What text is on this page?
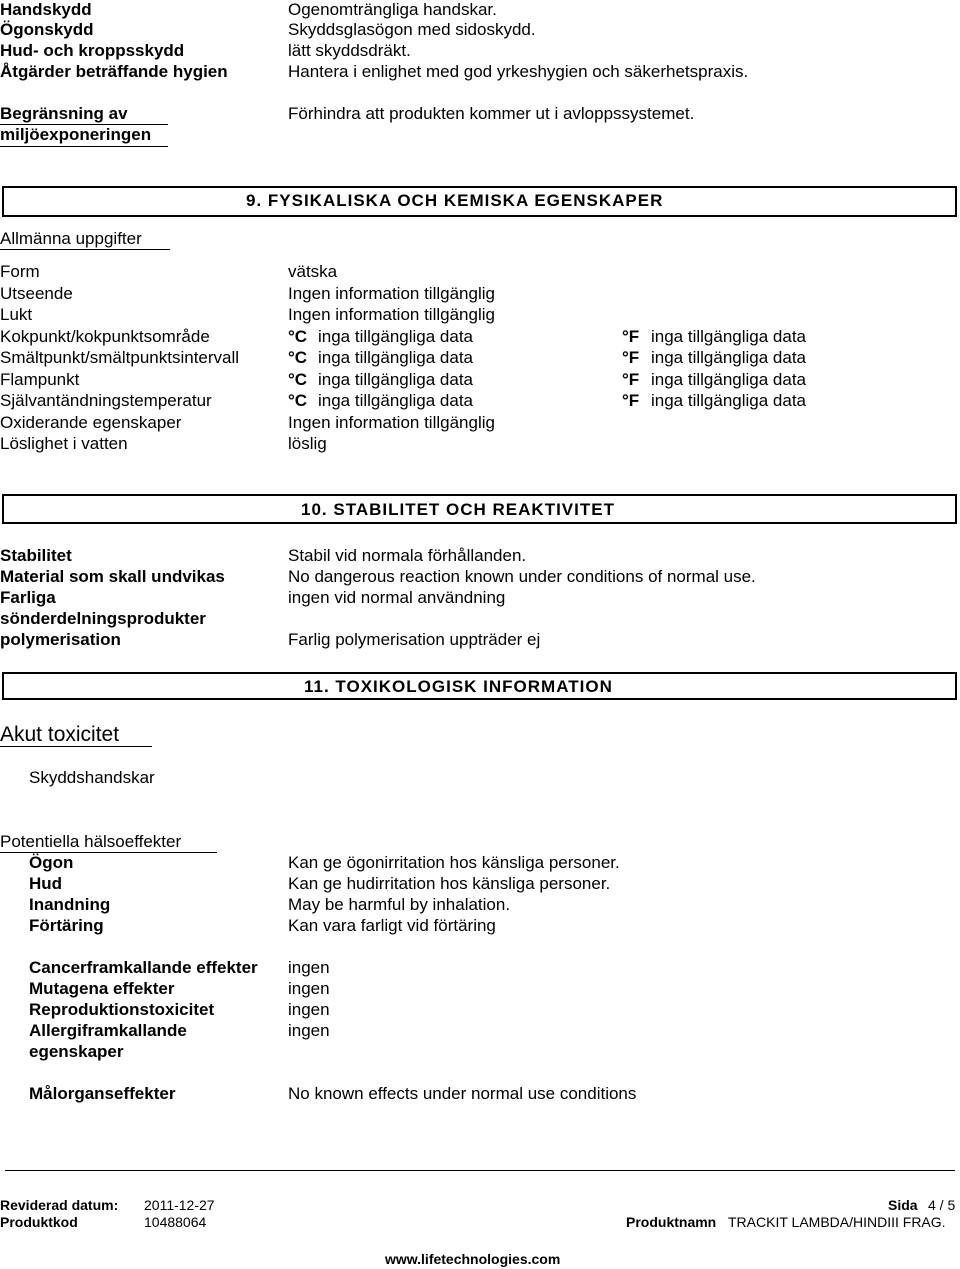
Handskydd	Ogenomträngliga handskar.
Ögonskydd	Skyddsglasögon med sidoskydd.
Hud- och kroppsskydd	lätt skyddsdräkt.
Åtgärder beträffande hygien	Hantera i enlighet med god yrkeshygien och säkerhetspraxis.
Begränsning av
miljöexponeringen
Förhindra att produkten kommer ut i avloppssystemet.
9. FYSIKALISKA OCH KEMISKA EGENSKAPER
Allmänna uppgifter
Form	vätska
Utseende	Ingen information tillgänglig
Lukt	Ingen information tillgänglig
Kokpunkt/kokpunktsområde	°C inga tillgängliga data	°F inga tillgängliga data
Smältpunkt/smältpunktsintervall	°C inga tillgängliga data	°F inga tillgängliga data
Flampunkt	°C inga tillgängliga data	°F inga tillgängliga data
Självantändningstemperatur	°C inga tillgängliga data	°F inga tillgängliga data
Oxiderande egenskaper	Ingen information tillgänglig
Löslighet i vatten	löslig
10. STABILITET OCH REAKTIVITET
Stabilitet	Stabil vid normala förhållanden.
Material som skall undvikas	No dangerous reaction known under conditions of normal use.
Farliga	ingen vid normal användning
sönderdelningsprodukter
polymerisation	Farlig polymerisation uppträder ej
11. TOXIKOLOGISK INFORMATION
Akut toxicitet
Skyddshandskar
Potentiella hälsoeffekter
Ögon	Kan ge ögonirritation hos känsliga personer.
Hud	Kan ge hudirritation hos känsliga personer.
Inandning	May be harmful by inhalation.
Förtäring	Kan vara farligt vid förtäring
Cancerframkallande effekter ingen
Mutagena effekter	ingen
Reproduktionstoxicitet	ingen
Allergiframkallande	ingen
egenskaper
Målorganseffekter	No known effects under normal use conditions
Reviderad datum: 2011-12-27	Sida 4 / 5
Produktkod	10488064	Produktnamn TRACKIT LAMBDA/HINDIII FRAG.
www.lifetechnologies.com
